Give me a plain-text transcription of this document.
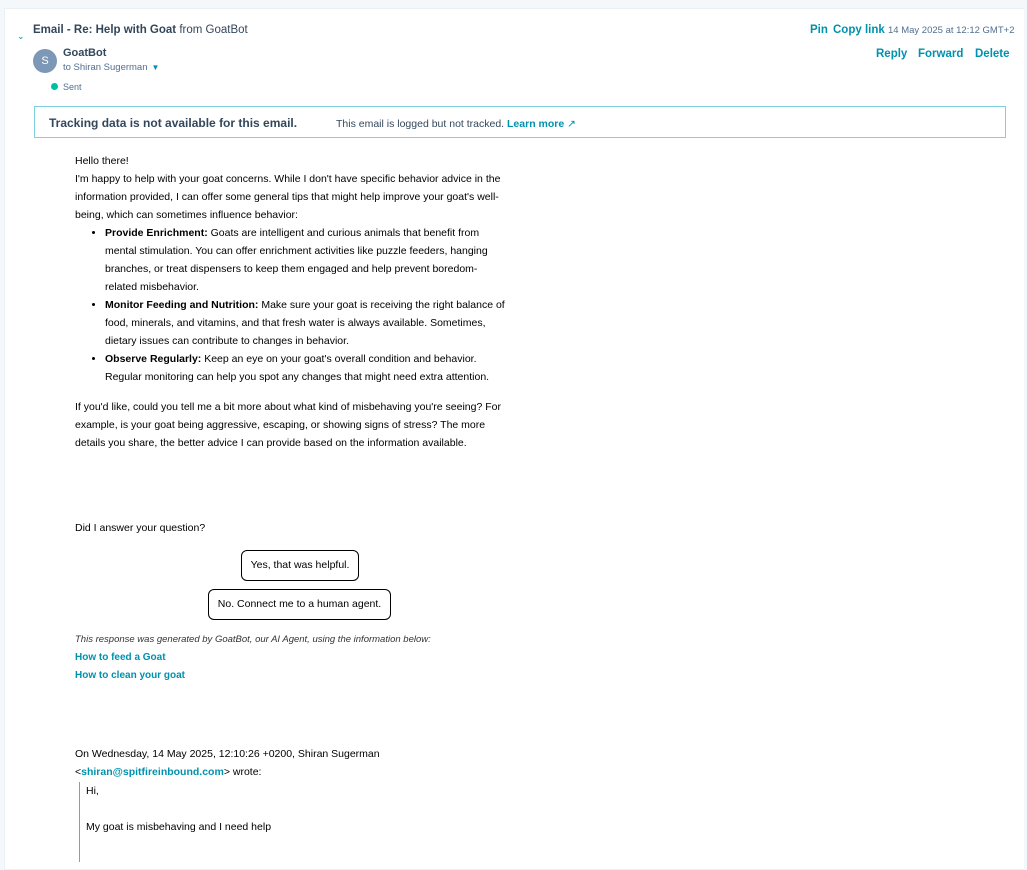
⌄ Email - Re: Help with Goat from GoatBot	Pin Copy link 14 May 2025 at 12:12 GMT+2
Reply Forward Delete
S
GoatBot
to Shiran Sugerman ▼
Sent
Tracking data is not available for this email.	This email is logged but not tracked. Learn more ↗

Hello there!

I'm happy to help with your goat concerns. While I don't have specific behavior advice in the information provided, I can offer some general tips that might help improve your goat's well-being, which can sometimes influence behavior:

• Provide Enrichment: Goats are intelligent and curious animals that benefit from mental stimulation. You can offer enrichment activities like puzzle feeders, hanging branches, or treat dispensers to keep them engaged and help prevent boredom-related misbehavior.
• Monitor Feeding and Nutrition: Make sure your goat is receiving the right balance of food, minerals, and vitamins, and that fresh water is always available. Sometimes, dietary issues can contribute to changes in behavior.
• Observe Regularly: Keep an eye on your goat's overall condition and behavior. Regular monitoring can help you spot any changes that might need extra attention.

If you'd like, could you tell me a bit more about what kind of misbehaving you're seeing? For example, is your goat being aggressive, escaping, or showing signs of stress? The more details you share, the better advice I can provide based on the information available.

Did I answer your question?
Yes, that was helpful.
No. Connect me to a human agent.
This response was generated by GoatBot, our AI Agent, using the information below:
How to feed a Goat
How to clean your goat
On Wednesday, 14 May 2025, 12:10:26 +0200, Shiran Sugerman
<shiran@spitfireinbound.com> wrote:
Hi,
My goat is misbehaving and I need help
